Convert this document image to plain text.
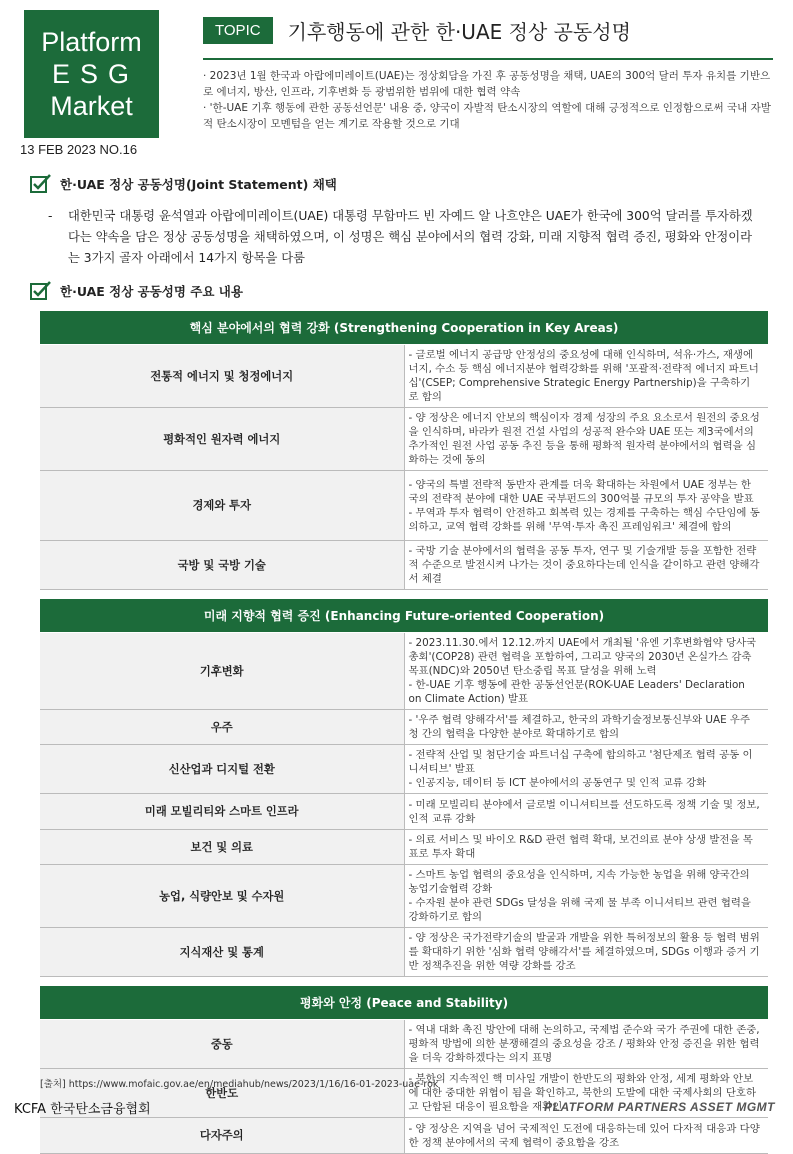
Platform
ESG
Market
13 FEB 2023 NO.16
TOPIC 기후행동에 관한 한·UAE 정상 공동성명
· 2023년 1월 한국과 아랍에미레이트(UAE)는 정상회담을 가진 후 공동성명을 채택, UAE의 300억 달러 투자 유치를 기반으로 에너지, 방산, 인프라, 기후변화 등 광범위한 범위에 대한 협력 약속
· '한-UAE 기후 행동에 관한 공동선언문' 내용 중, 양국이 자발적 탄소시장의 역할에 대해 긍정적으로 인정함으로써 국내 자발적 탄소시장이 모멘텀을 얻는 계기로 작용할 것으로 기대
한·UAE 정상 공동성명(Joint Statement) 채택
- 대한민국 대통령 윤석열과 아랍에미레이트(UAE) 대통령 무함마드 빈 자예드 알 나흐얀은 UAE가 한국에 300억 달러를 투자하겠다는 약속을 담은 정상 공동성명을 채택하였으며, 이 성명은 핵심 분야에서의 협력 강화, 미래 지향적 협력 증진, 평화와 안정이라는 3가지 골자 아래에서 14가지 항목을 다룸
한·UAE 정상 공동성명 주요 내용
핵심 분야에서의 협력 강화 (Strengthening Cooperation in Key Areas)	
전통적 에너지 및 청정에너지	- 글로벌 에너지 공급망 안정성의 중요성에 대해 인식하며, 석유·가스, 재생에너지, 수소 등 핵심 에너지분야 협력강화를 위해 '포괄적·전략적 에너지 파트너십'(CSEP; Comprehensive Strategic Energy Partnership)을 구축하기로 합의

평화적인 원자력 에너지	- 양 정상은 에너지 안보의 핵심이자 경제 성장의 주요 요소로서 원전의 중요성을 인식하며, 바라카 원전 건설 사업의 성공적 완수와 UAE 또는 제3국에서의 추가적인 원전 사업 공동 추진 등을 통해 평화적 원자력 분야에서의 협력을 심화하는 것에 동의

경제와 투자	- 양국의 특별 전략적 동반자 관계를 더욱 확대하는 차원에서 UAE 정부는 한국의 전략적 분야에 대한 UAE 국부펀드의 300억불 규모의 투자 공약을 발표
- 무역과 투자 협력이 안전하고 회복력 있는 경제를 구축하는 핵심 수단임에 동의하고, 교역 협력 강화를 위해 '무역·투자 촉진 프레임워크' 체결에 합의

국방 및 국방 기술	- 국방 기술 분야에서의 협력을 공동 투자, 연구 및 기술개발 등을 포함한 전략적 수준으로 발전시켜 나가는 것이 중요하다는데 인식을 같이하고 관련 양해각서 체결

미래 지향적 협력 증진 (Enhancing Future-oriented Cooperation)	
기후변화	- 2023.11.30.에서 12.12.까지 UAE에서 개최될 '유엔 기후변화협약 당사국 총회'(COP28) 관련 협력을 포함하여, 그리고 양국의 2030년 온실가스 감축목표(NDC)와 2050년 탄소중립 목표 달성을 위해 노력
- 한-UAE 기후 행동에 관한 공동선언문(ROK-UAE Leaders' Declaration on Climate Action) 발표

우주	- '우주 협력 양해각서'를 체결하고, 한국의 과학기술정보통신부와 UAE 우주청 간의 협력을 다양한 분야로 확대하기로 합의

신산업과 디지털 전환	- 전략적 산업 및 첨단기술 파트너십 구축에 합의하고 '첨단제조 협력 공동 이니셔티브' 발표
- 인공지능, 데이터 등 ICT 분야에서의 공동연구 및 인적 교류 강화

미래 모빌리티와 스마트 인프라	- 미래 모빌리티 분야에서 글로벌 이니셔티브를 선도하도록 정책 기술 및 정보, 인적 교류 강화

보건 및 의료	- 의료 서비스 및 바이오 R&D 관련 협력 확대, 보건의료 분야 상생 발전을 목표로 투자 확대

농업, 식량안보 및 수자원	- 스마트 농업 협력의 중요성을 인식하며, 지속 가능한 농업을 위해 양국간의 농업기술협력 강화
- 수자원 분야 관련 SDGs 달성을 위해 국제 물 부족 이니셔티브 관련 협력을 강화하기로 합의

지식재산 및 통계	- 양 정상은 국가전략기술의 발굴과 개발을 위한 특허정보의 활용 등 협력 범위를 확대하기 위한 '심화 협력 양해각서'를 체결하였으며, SDGs 이행과 증거 기반 정책추진을 위한 역량 강화를 강조

평화와 안정 (Peace and Stability)	
중동	- 역내 대화 촉진 방안에 대해 논의하고, 국제법 준수와 국가 주권에 대한 존중, 평화적 방법에 의한 분쟁해결의 중요성을 강조 / 평화와 안정 증진을 위한 협력을 더욱 강화하겠다는 의지 표명

한반도	- 북한의 지속적인 핵 미사일 개발이 한반도의 평화와 안정, 세계 평화와 안보에 대한 중대한 위협이 됨을 확인하고, 북한의 도발에 대한 국제사회의 단호하고 단합된 대응이 필요함을 재확인

다자주의	- 양 정상은 지역을 넘어 국제적인 도전에 대응하는데 있어 다자적 대응과 다양한 정책 분야에서의 국제 협력이 중요함을 강조
[출처] https://www.mofaic.gov.ae/en/mediahub/news/2023/1/16/16-01-2023-uae-rok
KCFA 한국탄소금융협회	PLATFORM PARTNERS ASSET MGMT
